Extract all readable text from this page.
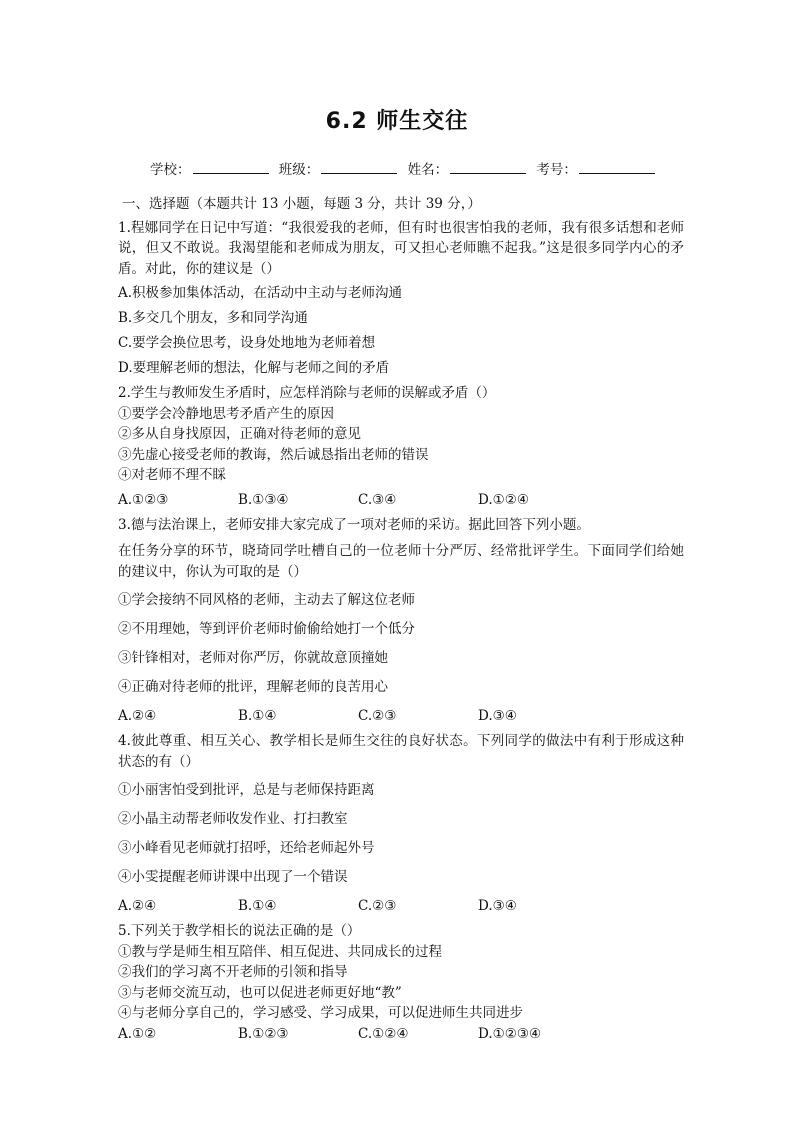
6.2 师生交往
学校：	班级：	姓名：	考号：
一、选择题（本题共计 13 小题，每题 3 分，共计 39 分，）
1.程娜同学在日记中写道：“我很爱我的老师，但有时也很害怕我的老师，我有很多话想和老师说，但又不敢说。我渴望能和老师成为朋友，可又担心老师瞧不起我。”这是很多同学内心的矛盾。对此，你的建议是（）
A.积极参加集体活动，在活动中主动与老师沟通
B.多交几个朋友，多和同学沟通
C.要学会换位思考，设身处地地为老师着想
D.要理解老师的想法，化解与老师之间的矛盾
2.学生与教师发生矛盾时，应怎样消除与老师的误解或矛盾（）
①要学会冷静地思考矛盾产生的原因
②多从自身找原因，正确对待老师的意见
③先虚心接受老师的教诲，然后诚恳指出老师的错误
④对老师不理不睬
A.①②③	B.①③④	C.③④	D.①②④
3.德与法治课上，老师安排大家完成了一项对老师的采访。据此回答下列小题。
在任务分享的环节，晓琦同学吐槽自己的一位老师十分严厉、经常批评学生。下面同学们给她的建议中，你认为可取的是（）
①学会接纳不同风格的老师，主动去了解这位老师
②不用理她，等到评价老师时偷偷给她打一个低分
③针锋相对，老师对你严厉，你就故意顶撞她
④正确对待老师的批评，理解老师的良苦用心
A.②④	B.①④	C.②③	D.③④
4.彼此尊重、相互关心、教学相长是师生交往的良好状态。下列同学的做法中有利于形成这种状态的有（）
①小丽害怕受到批评，总是与老师保持距离
②小晶主动帮老师收发作业、打扫教室
③小峰看见老师就打招呼，还给老师起外号
④小雯提醒老师讲课中出现了一个错误
A.②④	B.①④	C.②③	D.③④
5.下列关于教学相长的说法正确的是（）
①教与学是师生相互陪伴、相互促进、共同成长的过程
②我们的学习离不开老师的引领和指导
③与老师交流互动，也可以促进老师更好地“教”
④与老师分享自己的，学习感受、学习成果，可以促进师生共同进步
A.①②	B.①②③	C.①②④	D.①②③④
